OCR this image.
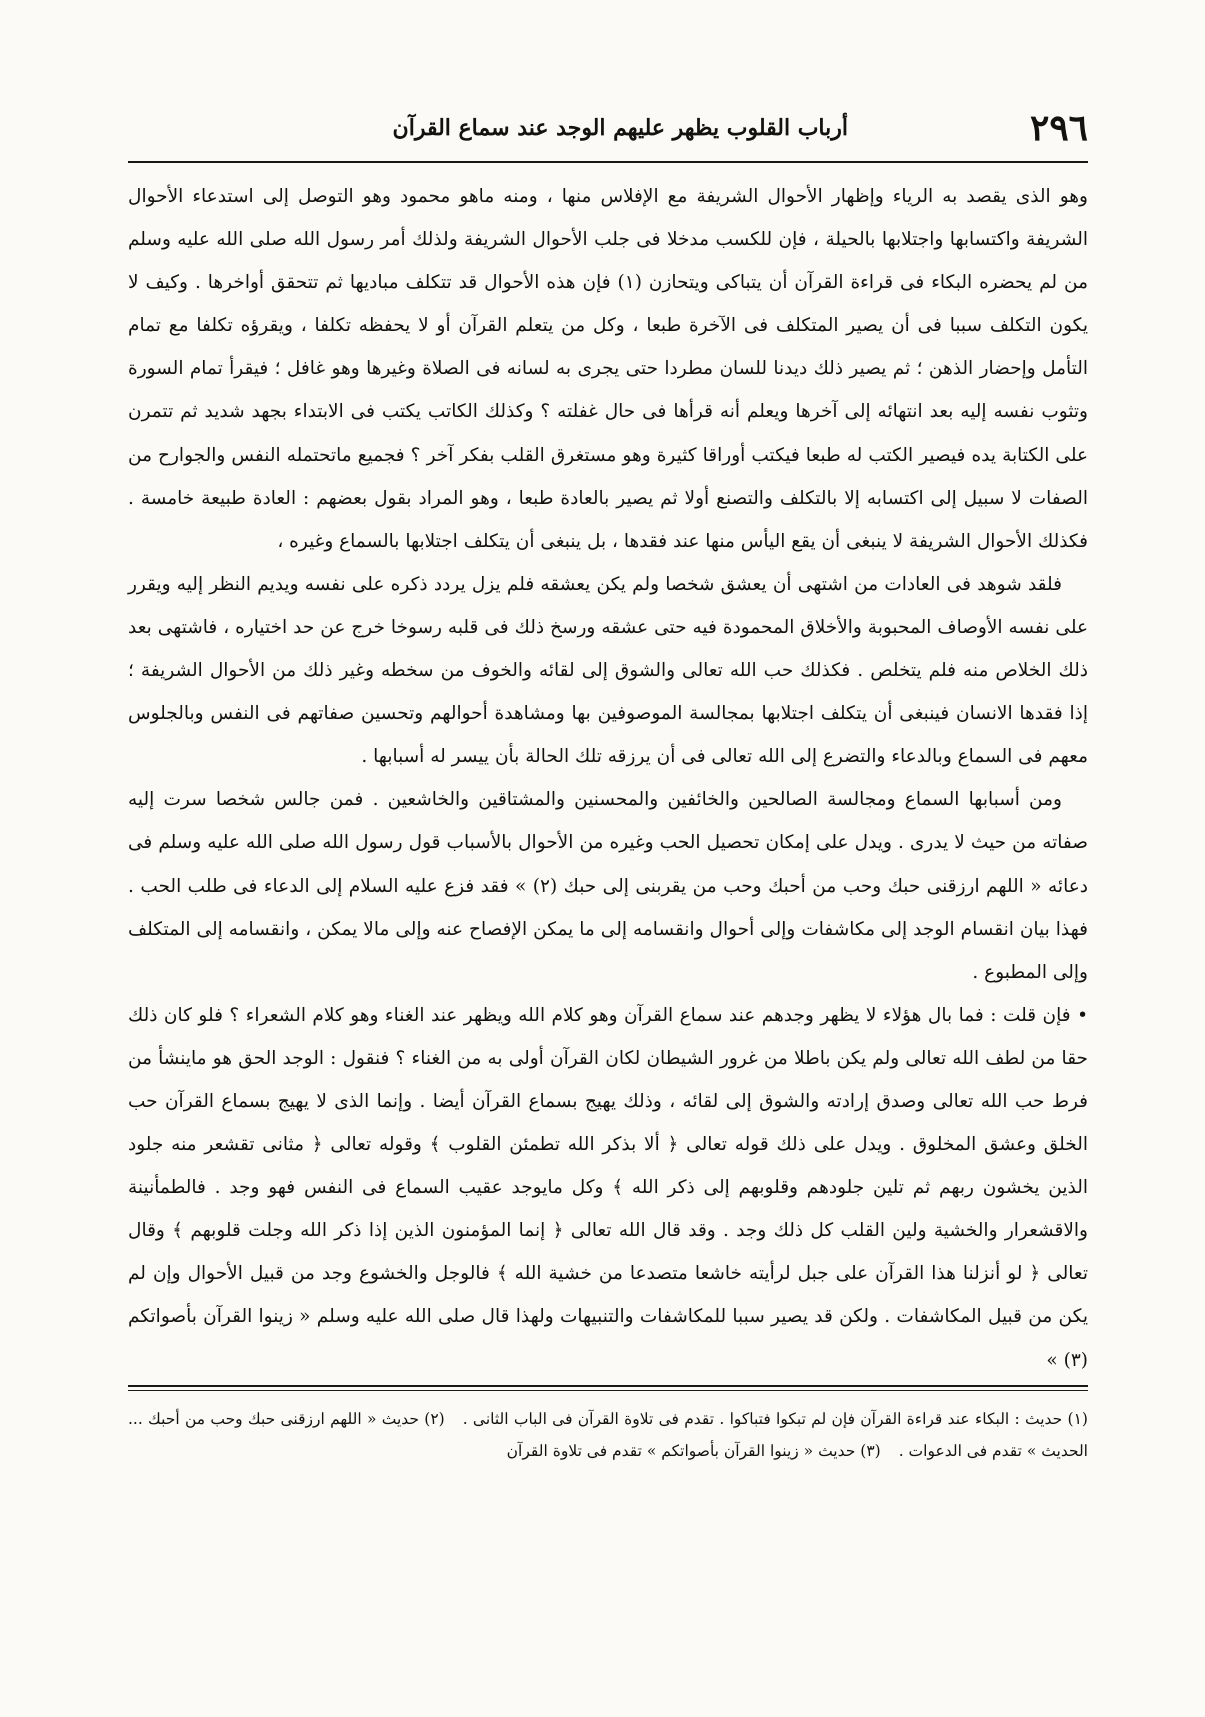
٢٩٦
أرباب القلوب يظهر عليهم الوجد عند سماع القرآن

وهو الذى يقصد به الرياء وإظهار الأحوال الشريفة مع الإفلاس منها ، ومنه ماهو محمود وهو التوصل إلى استدعاء الأحوال الشريفة واكتسابها واجتلابها بالحيلة ، فإن للكسب مدخلا فى جلب الأحوال الشريفة ولذلك أمر رسول الله صلى الله عليه وسلم من لم يحضره البكاء فى قراءة القرآن أن يتباكى ويتحازن (١) فإن هذه الأحوال قد تتكلف مباديها ثم تتحقق أواخرها . وكيف لا يكون التكلف سببا فى أن يصير المتكلف فى الآخرة طبعا ، وكل من يتعلم القرآن أو لا يحفظه تكلفا ، ويقرؤه تكلفا مع تمام التأمل وإحضار الذهن ؛ ثم يصير ذلك ديدنا للسان مطردا حتى يجرى به لسانه فى الصلاة وغيرها وهو غافل ؛ فيقرأ تمام السورة وتثوب نفسه إليه بعد انتهائه إلى آخرها ويعلم أنه قرأها فى حال غفلته ؟ وكذلك الكاتب يكتب فى الابتداء بجهد شديد ثم تتمرن على الكتابة يده فيصير الكتب له طبعا فيكتب أوراقا كثيرة وهو مستغرق القلب بفكر آخر ؟ فجميع ماتحتمله النفس والجوارح من الصفات لا سبيل إلى اكتسابه إلا بالتكلف والتصنع أولا ثم يصير بالعادة طبعا ، وهو المراد بقول بعضهم : العادة طبيعة خامسة . فكذلك الأحوال الشريفة لا ينبغى أن يقع اليأس منها عند فقدها ، بل ينبغى أن يتكلف اجتلابها بالسماع وغيره ،

فلقد شوهد فى العادات من اشتهى أن يعشق شخصا ولم يكن يعشقه فلم يزل يردد ذكره على نفسه ويديم النظر إليه ويقرر على نفسه الأوصاف المحبوبة والأخلاق المحمودة فيه حتى عشقه ورسخ ذلك فى قلبه رسوخا خرج عن حد اختياره ، فاشتهى بعد ذلك الخلاص منه فلم يتخلص . فكذلك حب الله تعالى والشوق إلى لقائه والخوف من سخطه وغير ذلك من الأحوال الشريفة ؛ إذا فقدها الانسان فينبغى أن يتكلف اجتلابها بمجالسة الموصوفين بها ومشاهدة أحوالهم وتحسين صفاتهم فى النفس وبالجلوس معهم فى السماع وبالدعاء والتضرع إلى الله تعالى فى أن يرزقه تلك الحالة بأن ييسر له أسبابها .

ومن أسبابها السماع ومجالسة الصالحين والخائفين والمحسنين والمشتاقين والخاشعين . فمن جالس شخصا سرت إليه صفاته من حيث لا يدرى . ويدل على إمكان تحصيل الحب وغيره من الأحوال بالأسباب قول رسول الله صلى الله عليه وسلم فى دعائه « اللهم ارزقنى حبك وحب من أحبك وحب من يقربنى إلى حبك (٢) » فقد فزع عليه السلام إلى الدعاء فى طلب الحب . فهذا بيان انقسام الوجد إلى مكاشفات وإلى أحوال وانقسامه إلى ما يمكن الإفصاح عنه وإلى مالا يمكن ، وانقسامه إلى المتكلف وإلى المطبوع .

• فإن قلت : فما بال هؤلاء لا يظهر وجدهم عند سماع القرآن وهو كلام الله ويظهر عند الغناء وهو كلام الشعراء ؟ فلو كان ذلك حقا من لطف الله تعالى ولم يكن باطلا من غرور الشيطان لكان القرآن أولى به من الغناء ؟ فنقول : الوجد الحق هو ماينشأ من فرط حب الله تعالى وصدق إرادته والشوق إلى لقائه ، وذلك يهيج بسماع القرآن أيضا . وإنما الذى لا يهيج بسماع القرآن حب الخلق وعشق المخلوق . ويدل على ذلك قوله تعالى ﴿ ألا بذكر الله تطمئن القلوب ﴾ وقوله تعالى ﴿ مثانى تقشعر منه جلود الذين يخشون ربهم ثم تلين جلودهم وقلوبهم إلى ذكر الله ﴾ وكل مايوجد عقيب السماع فى النفس فهو وجد . فالطمأنينة والاقشعرار والخشية ولين القلب كل ذلك وجد . وقد قال الله تعالى ﴿ إنما المؤمنون الذين إذا ذكر الله وجلت قلوبهم ﴾ وقال تعالى ﴿ لو أنزلنا هذا القرآن على جبل لرأيته خاشعا متصدعا من خشية الله ﴾ فالوجل والخشوع وجد من قبيل الأحوال وإن لم يكن من قبيل المكاشفات . ولكن قد يصير سببا للمكاشفات والتنبيهات ولهذا قال صلى الله عليه وسلم « زينوا القرآن بأصواتكم (٣) »

(١) حديث : البكاء عند قراءة القرآن فإن لم تبكوا فتباكوا . تقدم فى تلاوة القرآن فى الباب الثانى .(٢) حديث « اللهم ارزقنى حبك وحب من أحبك ... الحديث » تقدم فى الدعوات .(٣) حديث « زينوا القرآن بأصواتكم » تقدم فى تلاوة القرآن
